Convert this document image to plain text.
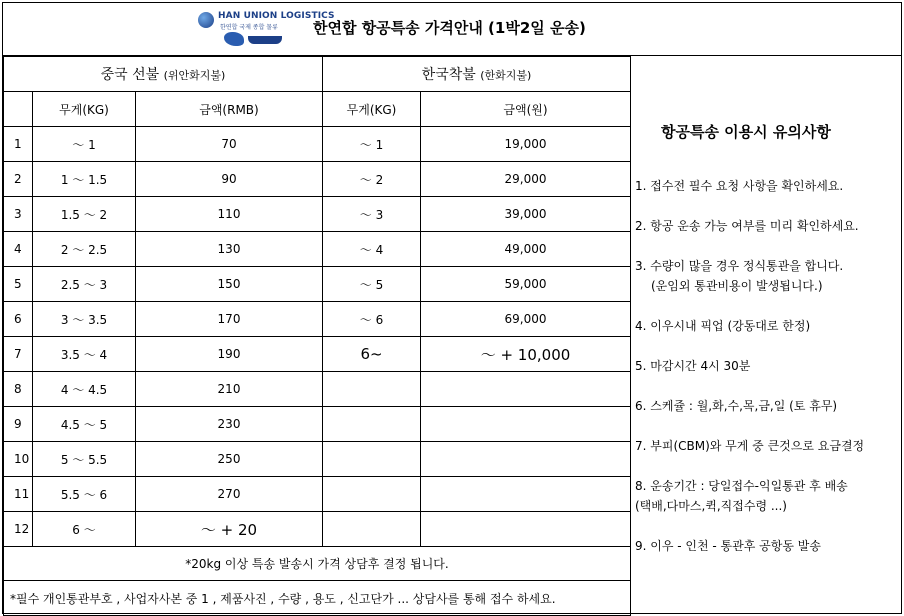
HAN UNION LOGISTICS
한연합 국제 종합 물류 한연합 항공특송 가격안내 (1박2일 운송)
중국 선불 (위안화지불)			한국착불 (한화지불)	
	무게(KG)	금액(RMB)	무게(KG)	금액(원)
1	～ 1	70	～ 1	19,000
2	1 ～ 1.5	90	～ 2	29,000
3	1.5 ～ 2	110	～ 3	39,000
4	2 ～ 2.5	130	～ 4	49,000
5	2.5 ～ 3	150	～ 5	59,000
6	3 ～ 3.5	170	～ 6	69,000
7	3.5 ～ 4	190	6~	～ + 10,000
8	4 ～ 4.5	210		
9	4.5 ～ 5	230		
10	5 ～ 5.5	250		
11	5.5 ～ 6	270		
12	6 ～	～ + 20		
*20kg 이상 특송 발송시 가격 상담후 결정 됩니다.				
*필수 개인통관부호 , 사업자사본 중 1 , 제품사진 , 수량 , 용도 , 신고단가 ... 상담사를 통해 접수 하세요.				
항공특송 이용시 유의사항
1. 접수전 필수 요청 사항을 확인하세요.
2. 항공 운송 가능 여부를 미리 확인하세요.
3. 수량이 많을 경우 정식통관을 합니다.
(운임외 통관비용이 발생됩니다.)
4. 이우시내 픽업 (강동대로 한정)
5. 마감시간 4시 30분
6. 스케쥴 : 월,화,수,목,금,일 (토 휴무)
7. 부피(CBM)와 무게 중 큰것으로 요금결정
8. 운송기간 : 당일접수-익일통관 후 배송
(택배,다마스,퀵,직접수령 ...)
9. 이우 - 인천 - 통관후 공항동 발송
